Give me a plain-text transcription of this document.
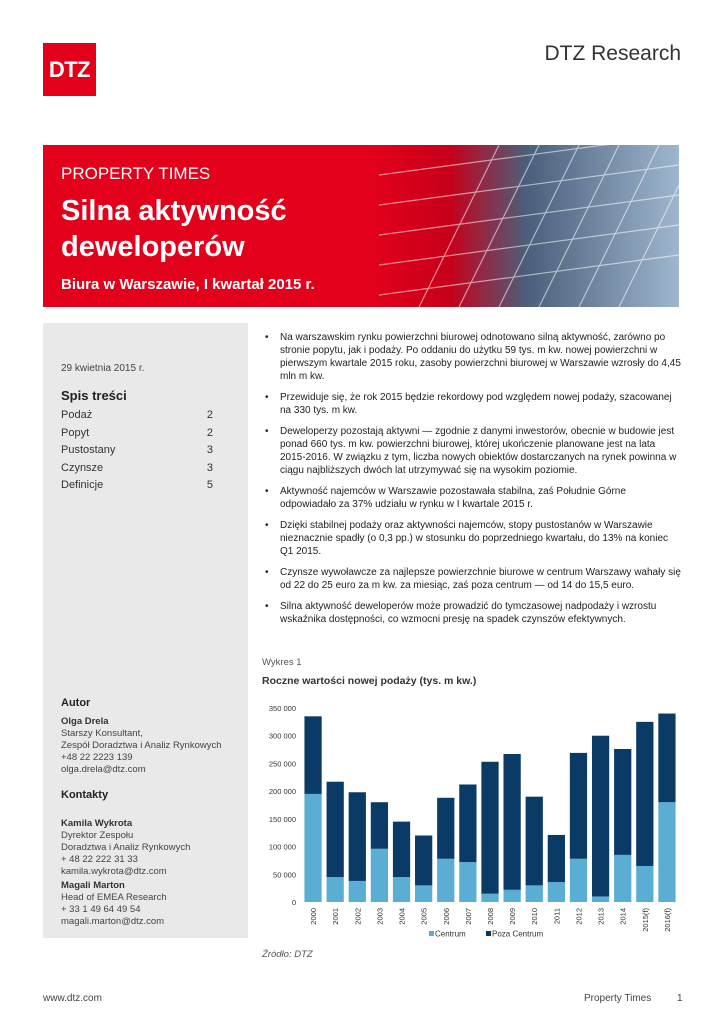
DTZ
DTZ Research
PROPERTY TIMES
Silna aktywność deweloperów
Biura w Warszawie, I kwartał 2015 r.
29 kwietnia 2015 r.
Spis treści
Podaż	2
Popyt	2
Pustostany	3
Czynsze	3
Definicje	5
Autor
Olga Drela
Starszy Konsultant,
Zespół Doradztwa i Analiz Rynkowych
+48 22 2223 139
olga.drela@dtz.com
Kontakty
Kamila Wykrota
Dyrektor Zespołu
Doradztwa i Analiz Rynkowych
+ 48 22 222 31 33
kamila.wykrota@dtz.com
Magali Marton
Head of EMEA Research
+ 33 1 49 64 49 54
magali.marton@dtz.com
• Na warszawskim rynku powierzchni biurowej odnotowano silną aktywność, zarówno po stronie popytu, jak i podaży. Po oddaniu do użytku 59 tys. m kw. nowej powierzchni w pierwszym kwartale 2015 roku, zasoby powierzchni biurowej w Warszawie wzrosły do 4,45 mln m kw.
• Przewiduje się, że rok 2015 będzie rekordowy pod względem nowej podaży, szacowanej na 330 tys. m kw.
• Deweloperzy pozostają aktywni — zgodnie z danymi inwestorów, obecnie w budowie jest ponad 660 tys. m kw. powierzchni biurowej, której ukończenie planowane jest na lata 2015-2016. W związku z tym, liczba nowych obiektów dostarczanych na rynek powinna w ciągu najbliższych dwóch lat utrzymywać się na wysokim poziomie.
• Aktywność najemców w Warszawie pozostawała stabilna, zaś Południe Górne odpowiadało za 37% udziału w rynku w I kwartale 2015 r.
• Dzięki stabilnej podaży oraz aktywności najemców, stopy pustostanów w Warszawie nieznacznie spadły (o 0,3 pp.) w stosunku do poprzedniego kwartału, do 13% na koniec Q1 2015.
• Czynsze wywoławcze za najlepsze powierzchnie biurowe w centrum Warszawy wahały się od 22 do 25 euro za m kw. za miesiąc, zaś poza centrum — od 14 do 15,5 euro.
• Silna aktywność deweloperów może prowadzić do tymczasowej nadpodaży i wzrostu wskaźnika dostępności, co wzmocni presję na spadek czynszów efektywnych.
Wykres 1
Roczne wartości nowej podaży (tys. m kw.)
0
50 000
100 000
150 000
200 000
250 000
300 000
350 000
2000 2001 2002 2003 2004 2005 2006 2007 2008 2009 2010 2011 2012 2013 2014 2015(f) 2016(f)
Centrum	Poza Centrum
Źródło: DTZ
www.dtz.com	Property Times	1
